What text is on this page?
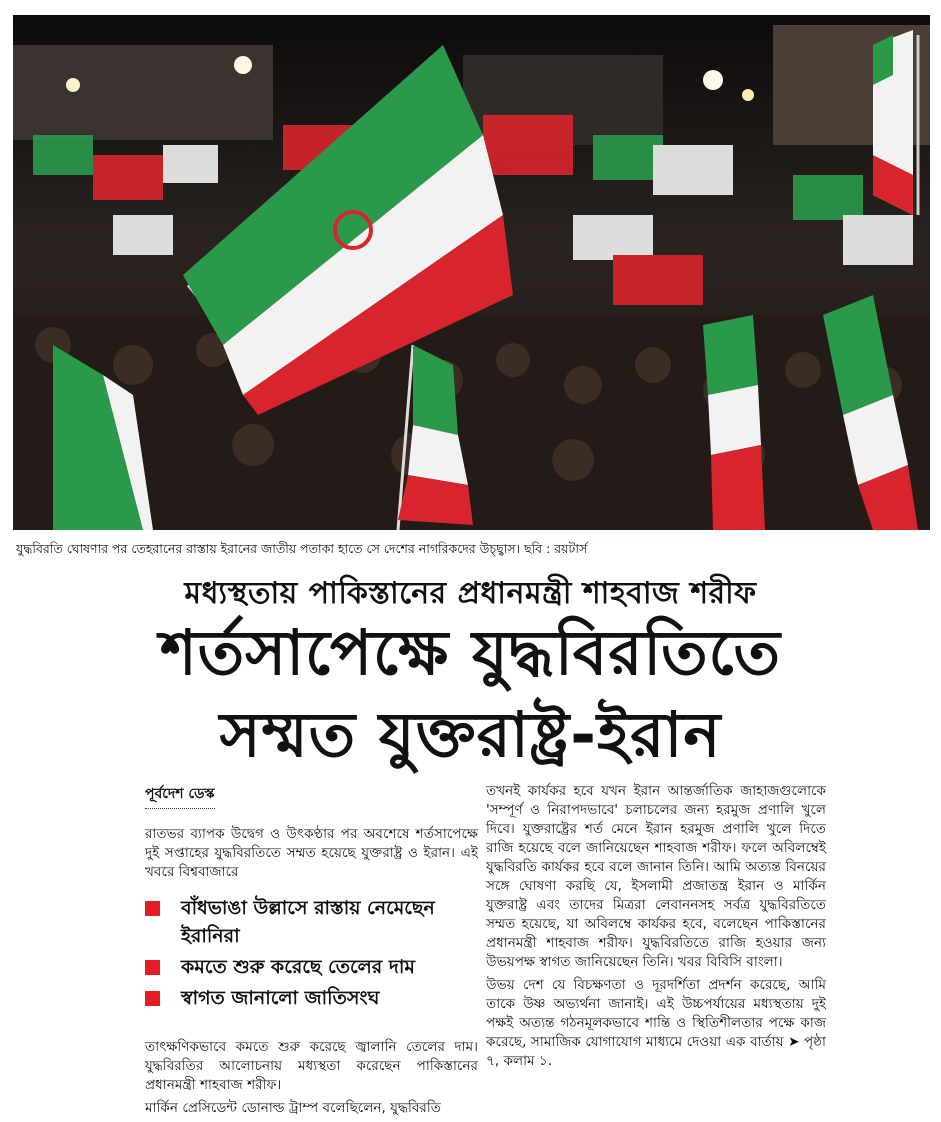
যুদ্ধবিরতি ঘোষণার পর তেহরানের রাস্তায় ইরানের জাতীয় পতাকা হাতে সে দেশের নাগরিকদের উচ্ছ্বাস। ছবি : রয়টার্স
মধ্যস্থতায় পাকিস্তানের প্রধানমন্ত্রী শাহবাজ শরীফ
শর্তসাপেক্ষে যুদ্ধবিরতিতে
সম্মত যুক্তরাষ্ট্র-ইরান
পূর্বদেশ ডেস্ক

রাতভর ব্যাপক উদ্বেগ ও উৎকণ্ঠার পর অবশেষে শর্তসাপেক্ষে দুই সপ্তাহের যুদ্ধবিরতিতে সম্মত হয়েছে যুক্তরাষ্ট্র ও ইরান। এই খবরে বিশ্ববাজারে

বাঁধভাঙা উল্লাসে রাস্তায় নেমেছেন ইরানিরা
কমতে শুরু করেছে তেলের দাম
স্বাগত জানালো জাতিসংঘ

তাৎক্ষণিকভাবে কমতে শুরু করেছে জ্বালানি তেলের দাম। যুদ্ধবিরতির আলোচনায় মধ্যস্থতা করেছেন পাকিস্তানের প্রধানমন্ত্রী শাহবাজ শরীফ।

মার্কিন প্রেসিডেন্ট ডোনাল্ড ট্রাম্প বলেছিলেন, যুদ্ধবিরতি

তখনই কার্যকর হবে যখন ইরান আন্তর্জাতিক জাহাজগুলোকে 'সম্পূর্ণ ও নিরাপদভাবে' চলাচলের জন্য হরমুজ প্রণালি খুলে দিবে। যুক্তরাষ্ট্রের শর্ত মেনে ইরান হরমুজ প্রণালি খুলে দিতে রাজি হয়েছে বলে জানিয়েছেন শাহবাজ শরীফ। ফলে অবিলম্বেই যুদ্ধবিরতি কার্যকর হবে বলে জানান তিনি। আমি অত্যন্ত বিনয়ের সঙ্গে ঘোষণা করছি যে, ইসলামী প্রজাতন্ত্র ইরান ও মার্কিন যুক্তরাষ্ট্র এবং তাদের মিত্ররা লেবাননসহ সর্বত্র যুদ্ধবিরতিতে সম্মত হয়েছে, যা অবিলম্বে কার্যকর হবে, বলেছেন পাকিস্তানের প্রধানমন্ত্রী শাহবাজ শরীফ। যুদ্ধবিরতিতে রাজি হওয়ার জন্য উভয়পক্ষ স্বাগত জানিয়েছেন তিনি। খবর বিবিসি বাংলা।

উভয় দেশ যে বিচক্ষণতা ও দূরদর্শিতা প্রদর্শন করেছে, আমি তাকে উষ্ণ অভ্যর্থনা জানাই। এই উচ্চপর্যায়ের মধ্যস্থতায় দুই পক্ষই অত্যন্ত গঠনমূলকভাবে শান্তি ও স্থিতিশীলতার পক্ষে কাজ করেছে, সামাজিক যোগাযোগ মাধ্যমে দেওয়া এক বার্তায় ➤ পৃষ্ঠা ৭, কলাম ১.
